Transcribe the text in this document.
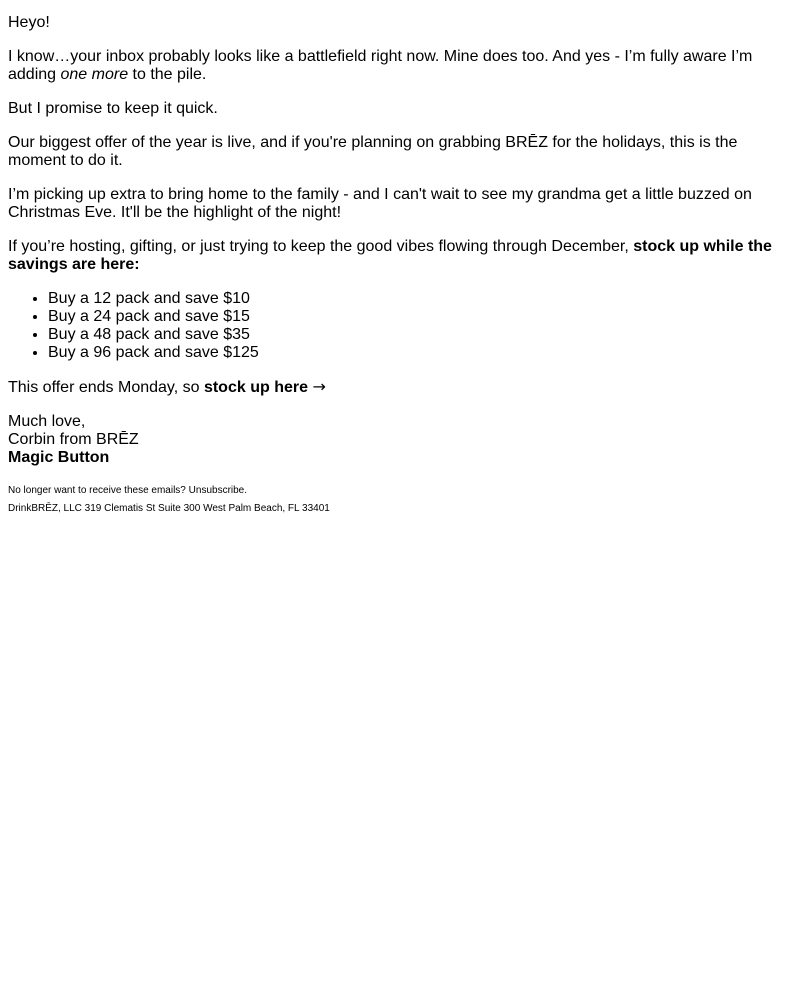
Heyo!

I know…your inbox probably looks like a battlefield right now. Mine does too. And yes - I’m fully aware I’m adding one more to the pile.

But I promise to keep it quick.

Our biggest offer of the year is live, and if you're planning on grabbing BRĒZ for the holidays, this is the moment to do it.

I’m picking up extra to bring home to the family - and I can't wait to see my grandma get a little buzzed on Christmas Eve. It'll be the highlight of the night!

If you’re hosting, gifting, or just trying to keep the good vibes flowing through December, stock up while the savings are here:

• Buy a 12 pack and save $10
• Buy a 24 pack and save $15
• Buy a 48 pack and save $35
• Buy a 96 pack and save $125

This offer ends Monday, so stock up here →

Much love,
Corbin from BRĒZ
Magic Button

No longer want to receive these emails? Unsubscribe.

DrinkBRĒZ, LLC 319 Clematis St Suite 300 West Palm Beach, FL 33401
